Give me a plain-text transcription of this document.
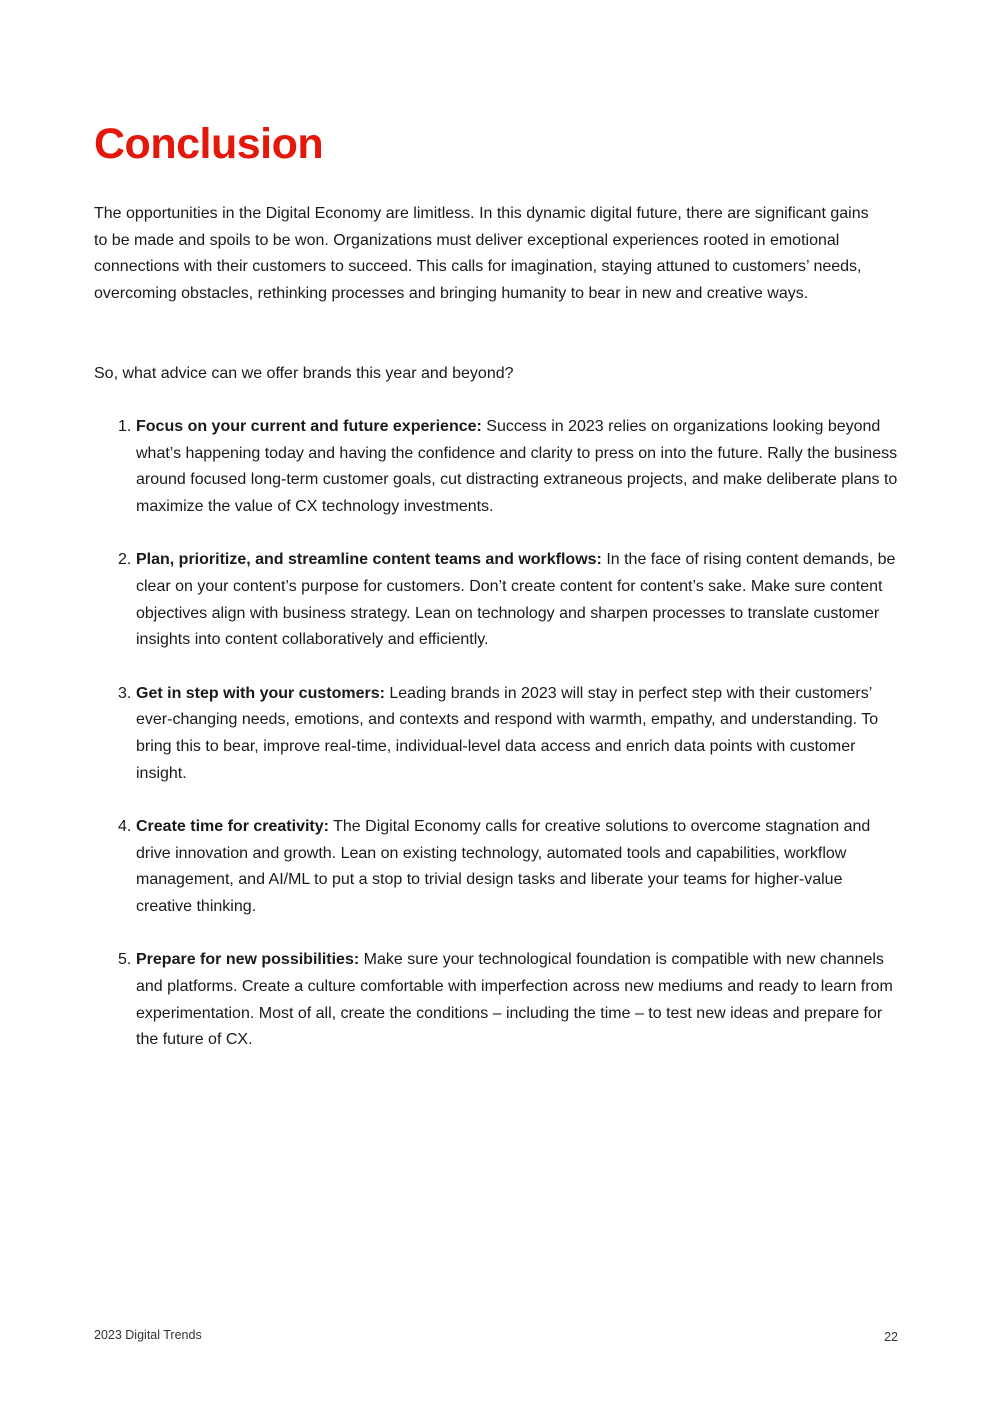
Conclusion

The opportunities in the Digital Economy are limitless. In this dynamic digital future, there are significant gains to be made and spoils to be won. Organizations must deliver exceptional experiences rooted in emotional connections with their customers to succeed. This calls for imagination, staying attuned to customers’ needs, overcoming obstacles, rethinking processes and bringing humanity to bear in new and creative ways.

So, what advice can we offer brands this year and beyond?

1. Focus on your current and future experience: Success in 2023 relies on organizations looking beyond what’s happening today and having the confidence and clarity to press on into the future. Rally the business around focused long-term customer goals, cut distracting extraneous projects, and make deliberate plans to maximize the value of CX technology investments.
2. Plan, prioritize, and streamline content teams and workflows: In the face of rising content demands, be clear on your content’s purpose for customers. Don’t create content for content’s sake. Make sure content objectives align with business strategy. Lean on technology and sharpen processes to translate customer insights into content collaboratively and efficiently.
3. Get in step with your customers: Leading brands in 2023 will stay in perfect step with their customers’ ever-changing needs, emotions, and contexts and respond with warmth, empathy, and understanding. To bring this to bear, improve real-time, individual-level data access and enrich data points with customer insight.
4. Create time for creativity: The Digital Economy calls for creative solutions to overcome stagnation and drive innovation and growth. Lean on existing technology, automated tools and capabilities, workflow management, and AI/ML to put a stop to trivial design tasks and liberate your teams for higher-value creative thinking.
5. Prepare for new possibilities: Make sure your technological foundation is compatible with new channels and platforms. Create a culture comfortable with imperfection across new mediums and ready to learn from experimentation. Most of all, create the conditions – including the time – to test new ideas and prepare for the future of CX.
2023 Digital Trends	22
